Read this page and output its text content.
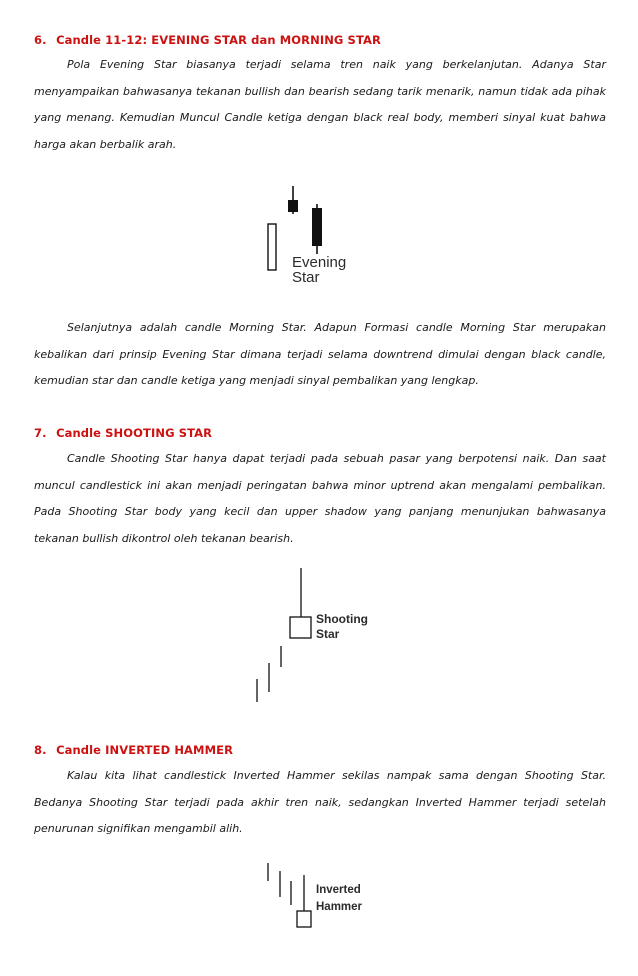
6. Candle 11-12: EVENING STAR dan MORNING STAR
Pola Evening Star biasanya terjadi selama tren naik yang berkelanjutan. Adanya Star menyampaikan bahwasanya tekanan bullish dan bearish sedang tarik menarik, namun tidak ada pihak yang menang. Kemudian Muncul Candle ketiga dengan black real body, memberi sinyal kuat bahwa harga akan berbalik arah.
Evening
Star
Selanjutnya adalah candle Morning Star. Adapun Formasi candle Morning Star merupakan kebalikan dari prinsip Evening Star dimana terjadi selama downtrend dimulai dengan black candle, kemudian star dan candle ketiga yang menjadi sinyal pembalikan yang lengkap.
7. Candle SHOOTING STAR
Candle Shooting Star hanya dapat terjadi pada sebuah pasar yang berpotensi naik. Dan saat muncul candlestick ini akan menjadi peringatan bahwa minor uptrend akan mengalami pembalikan. Pada Shooting Star body yang kecil dan upper shadow yang panjang menunjukan bahwasanya tekanan bullish dikontrol oleh tekanan bearish.
Shooting
Star
8. Candle INVERTED HAMMER
Kalau kita lihat candlestick Inverted Hammer sekilas nampak sama dengan Shooting Star. Bedanya Shooting Star terjadi pada akhir tren naik, sedangkan Inverted Hammer terjadi setelah penurunan signifikan mengambil alih.
Inverted
Hammer
